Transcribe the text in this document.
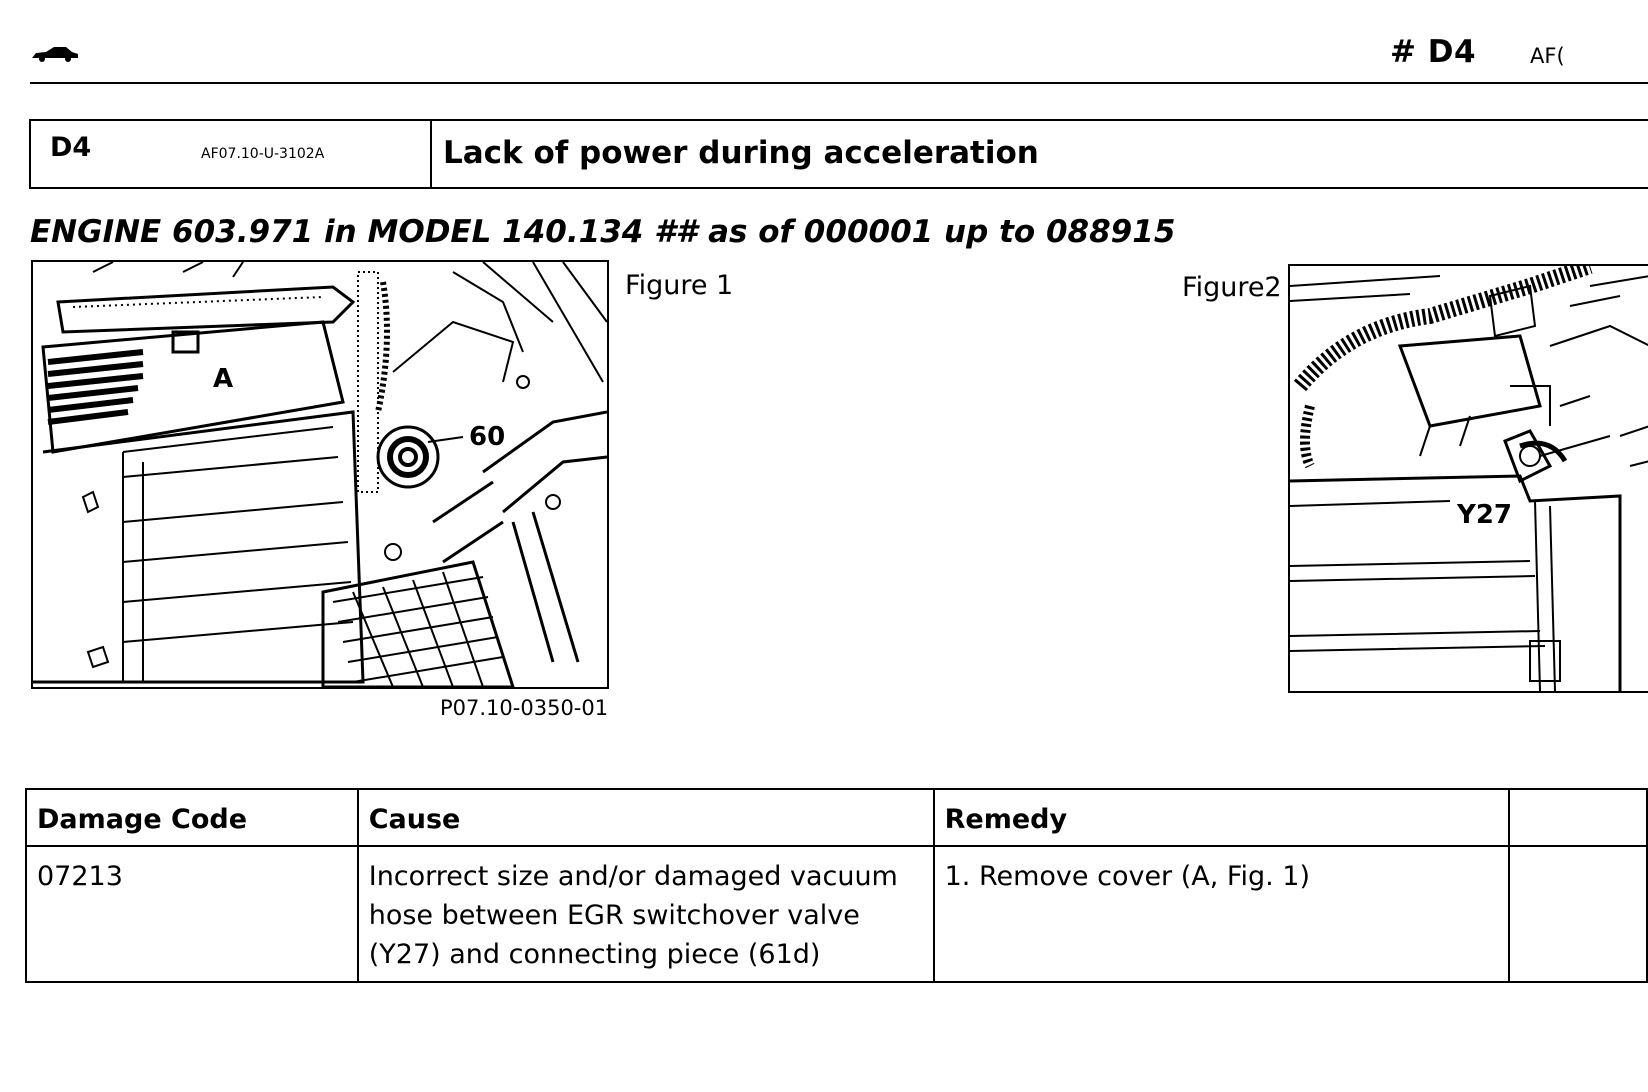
# D4	AF(
D4	AF07.10-U-3102A	Lack of power during acceleration
ENGINE 603.971 in MODEL 140.134 ## as of 000001 up to 088915
A
60
Figure 1
P07.10-0350-01
Figure2
Y27
Damage Code	Cause	Remedy	
07213	Incorrect size and/or damaged vacuum hose between EGR switchover valve (Y27) and connecting piece (61d)	1. Remove cover (A, Fig. 1)	
